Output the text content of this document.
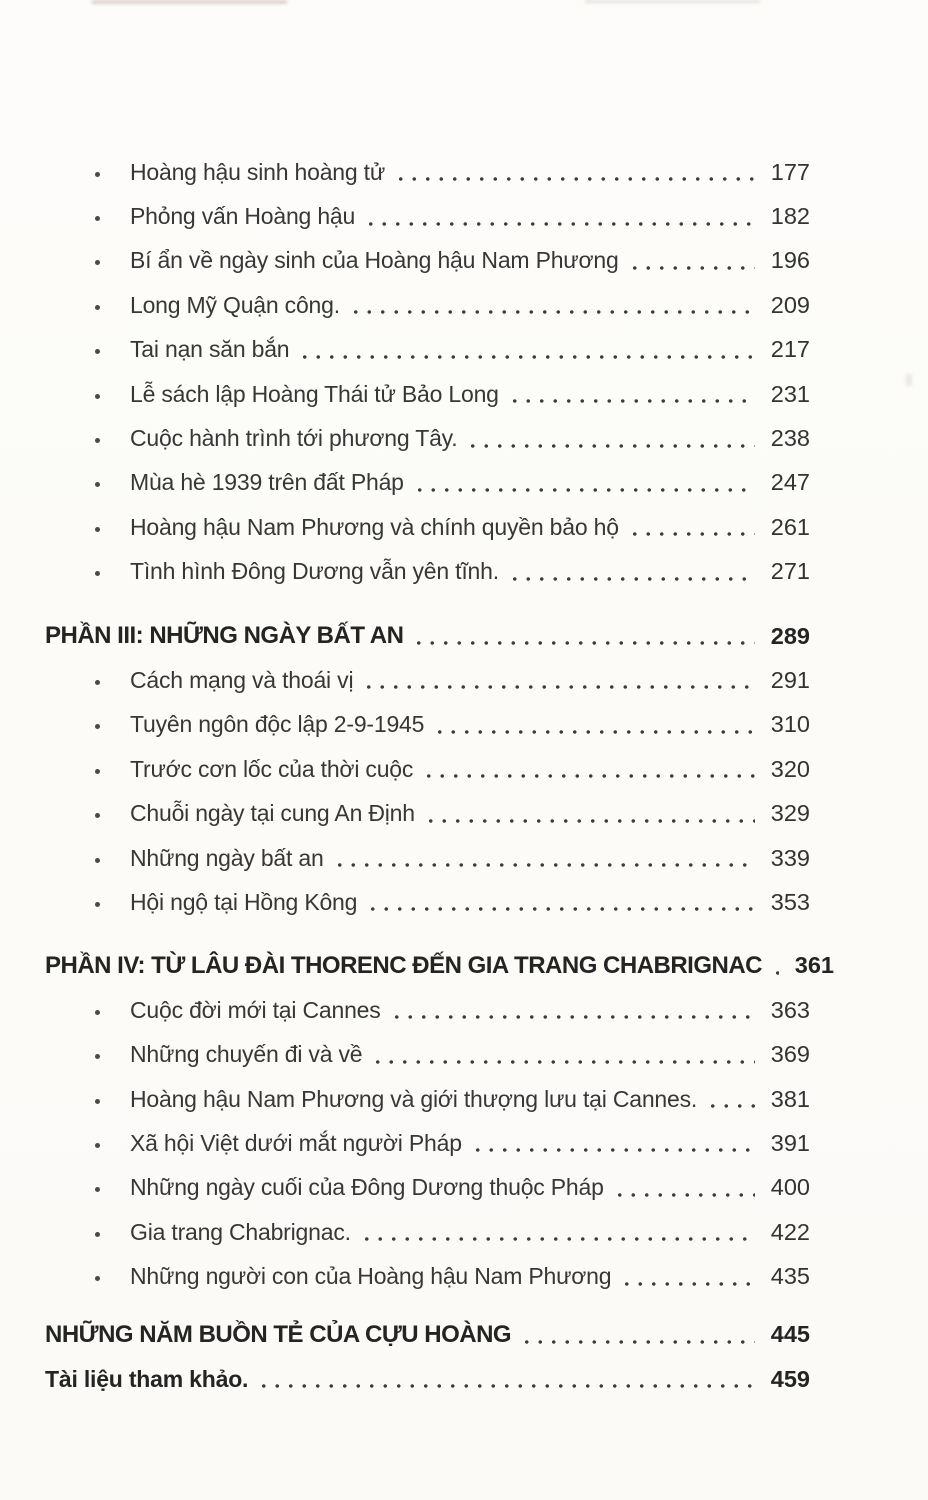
Hoàng hậu sinh hoàng tử	177
Phỏng vấn Hoàng hậu	182
Bí ẩn về ngày sinh của Hoàng hậu Nam Phương	196
Long Mỹ Quận công.	209
Tai nạn săn bắn	217
Lễ sách lập Hoàng Thái tử Bảo Long	231
Cuộc hành trình tới phương Tây.	238
Mùa hè 1939 trên đất Pháp	247
Hoàng hậu Nam Phương và chính quyền bảo hộ	261
Tình hình Đông Dương vẫn yên tĩnh.	271
PHẦN III: NHỮNG NGÀY BẤT AN	289
Cách mạng và thoái vị	291
Tuyên ngôn độc lập 2-9-1945	310
Trước cơn lốc của thời cuộc	320
Chuỗi ngày tại cung An Định	329
Những ngày bất an	339
Hội ngộ tại Hồng Kông	353
PHẦN IV: TỪ LÂU ĐÀI THORENC ĐẾN GIA TRANG CHABRIGNAC	361
Cuộc đời mới tại Cannes	363
Những chuyến đi và về	369
Hoàng hậu Nam Phương và giới thượng lưu tại Cannes.	381
Xã hội Việt dưới mắt người Pháp	391
Những ngày cuối của Đông Dương thuộc Pháp	400
Gia trang Chabrignac.	422
Những người con của Hoàng hậu Nam Phương	435
NHỮNG NĂM BUỒN TẺ CỦA CỰU HOÀNG	445
Tài liệu tham khảo.	459
